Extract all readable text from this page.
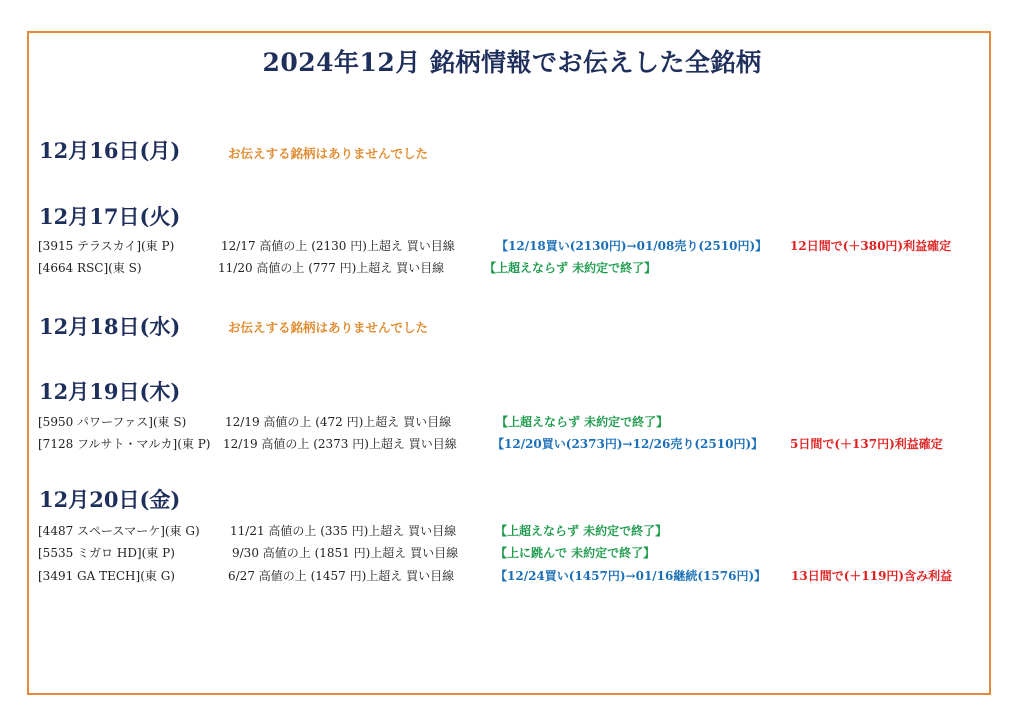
2024年12月 銘柄情報でお伝えした全銘柄
12月16日(月)	お伝えする銘柄はありませんでした
12月17日(火)
[3915 テラスカイ](東 P)	12/17 高値の上 (2130 円)上超え 買い目線	【12/18買い(2130円)→01/08売り(2510円)】 12日間で(＋380円)利益確定
[4664 RSC](東 S)	11/20 高値の上 (777 円)上超え 買い目線	【上超えならず 未約定で終了】
12月18日(水)	お伝えする銘柄はありませんでした
12月19日(木)
[5950 パワーファス](東 S)	12/19 高値の上 (472 円)上超え 買い目線	【上超えならず 未約定で終了】
[7128 フルサト・マルカ](東 P) 12/19 高値の上 (2373 円)上超え 買い目線	【12/20買い(2373円)→12/26売り(2510円)】 5日間で(＋137円)利益確定
12月20日(金)
[4487 スペースマーケ](東 G)	11/21 高値の上 (335 円)上超え 買い目線	【上超えならず 未約定で終了】
[5535 ミガロ HD](東 P)	9/30 高値の上 (1851 円)上超え 買い目線	【上に跳んで 未約定で終了】
[3491 GA TECH](東 G)	6/27 高値の上 (1457 円)上超え 買い目線	【12/24買い(1457円)→01/16継続(1576円)】 13日間で(＋119円)含み利益
